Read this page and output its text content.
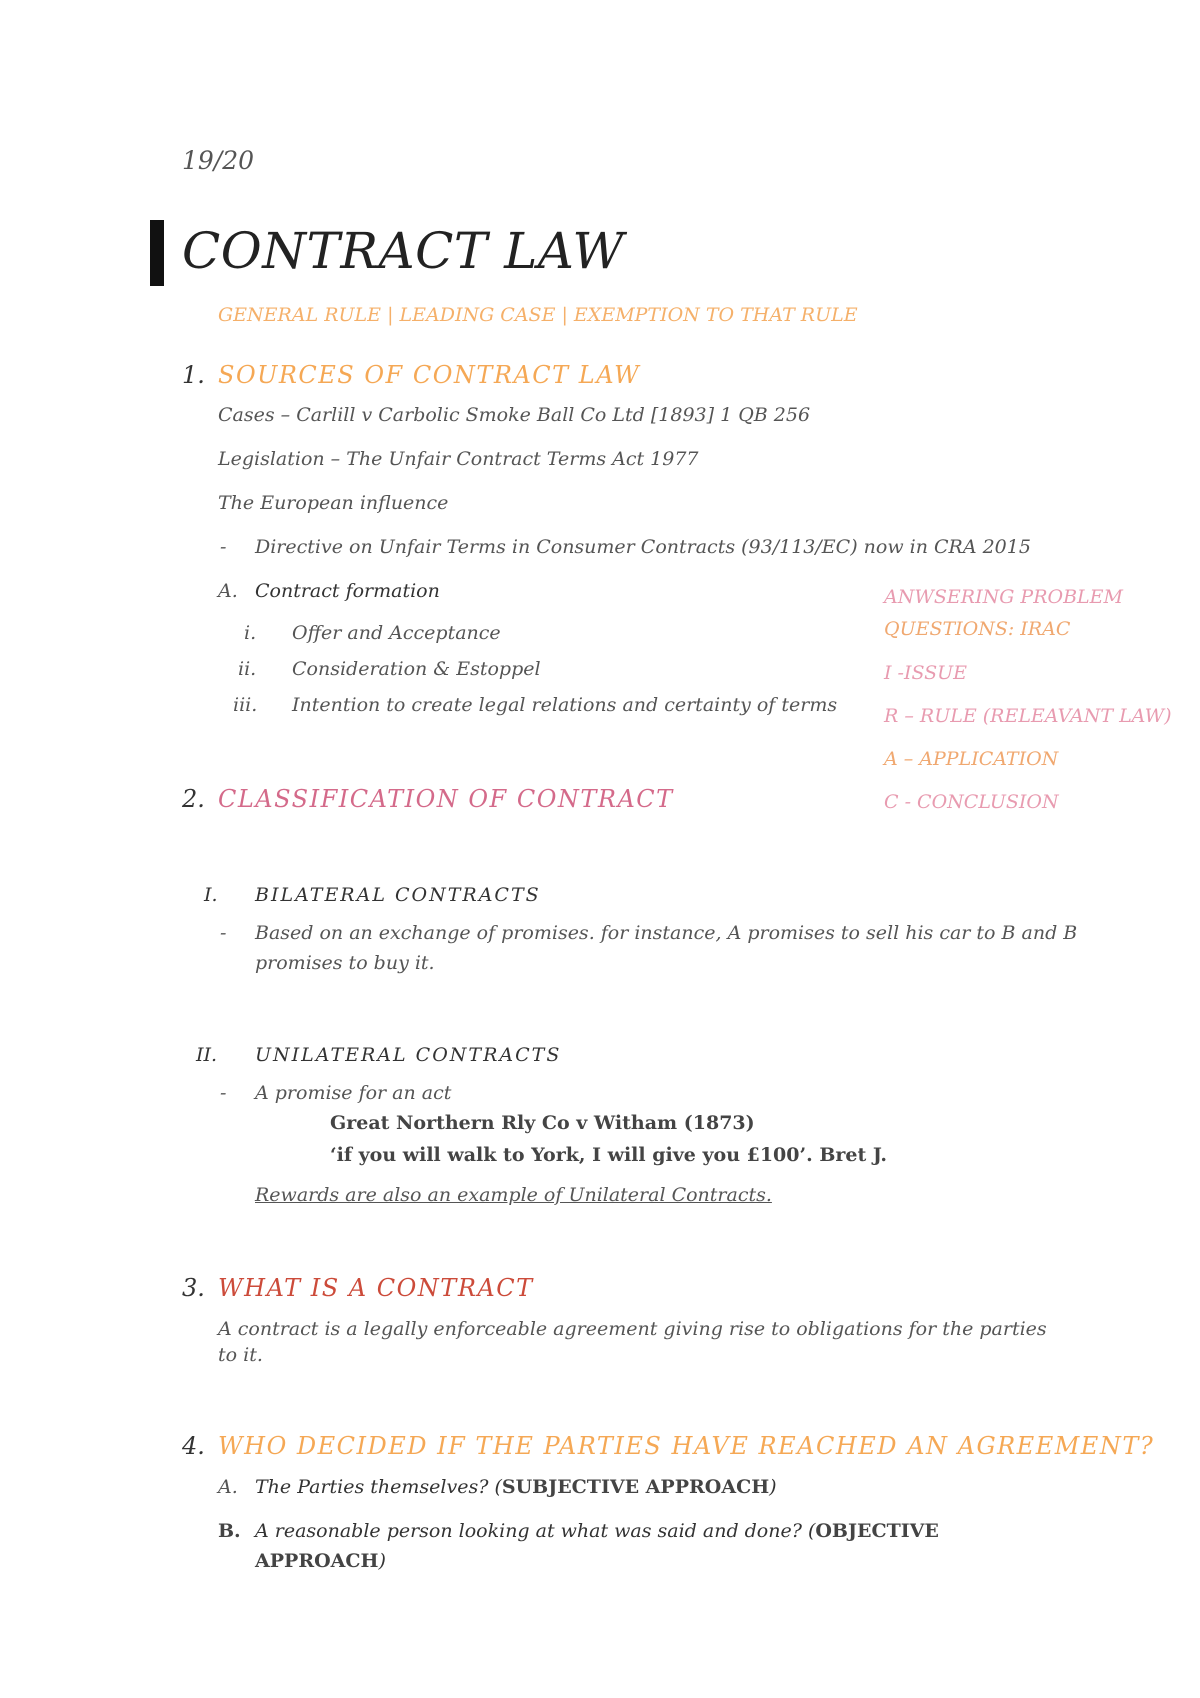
19/20
CONTRACT LAW
GENERAL RULE | LEADING CASE | EXEMPTION TO THAT RULE
1. SOURCES OF CONTRACT LAW
Cases – Carlill v Carbolic Smoke Ball Co Ltd [1893] 1 QB 256
Legislation – The Unfair Contract Terms Act 1977
The European influence
- Directive on Unfair Terms in Consumer Contracts (93/113/EC) now in CRA 2015
A. Contract formation
i. Offer and Acceptance
ii. Consideration & Estoppel
iii. Intention to create legal relations and certainty of terms
ANWSERING PROBLEM
QUESTIONS: IRAC
I -ISSUE
R – RULE (RELEAVANT LAW)
A – APPLICATION
C - CONCLUSION
2. CLASSIFICATION OF CONTRACT
I. BILATERAL CONTRACTS
- Based on an exchange of promises. for instance, A promises to sell his car to B and B
promises to buy it.
II. UNILATERAL CONTRACTS
- A promise for an act
Great Northern Rly Co v Witham (1873)
‘if you will walk to York, I will give you £100’. Bret J.
Rewards are also an example of Unilateral Contracts.
3. WHAT IS A CONTRACT
A contract is a legally enforceable agreement giving rise to obligations for the parties
to it.
4. WHO DECIDED IF THE PARTIES HAVE REACHED AN AGREEMENT?
A. The Parties themselves? (SUBJECTIVE APPROACH)
B. A reasonable person looking at what was said and done? (OBJECTIVE
APPROACH)
